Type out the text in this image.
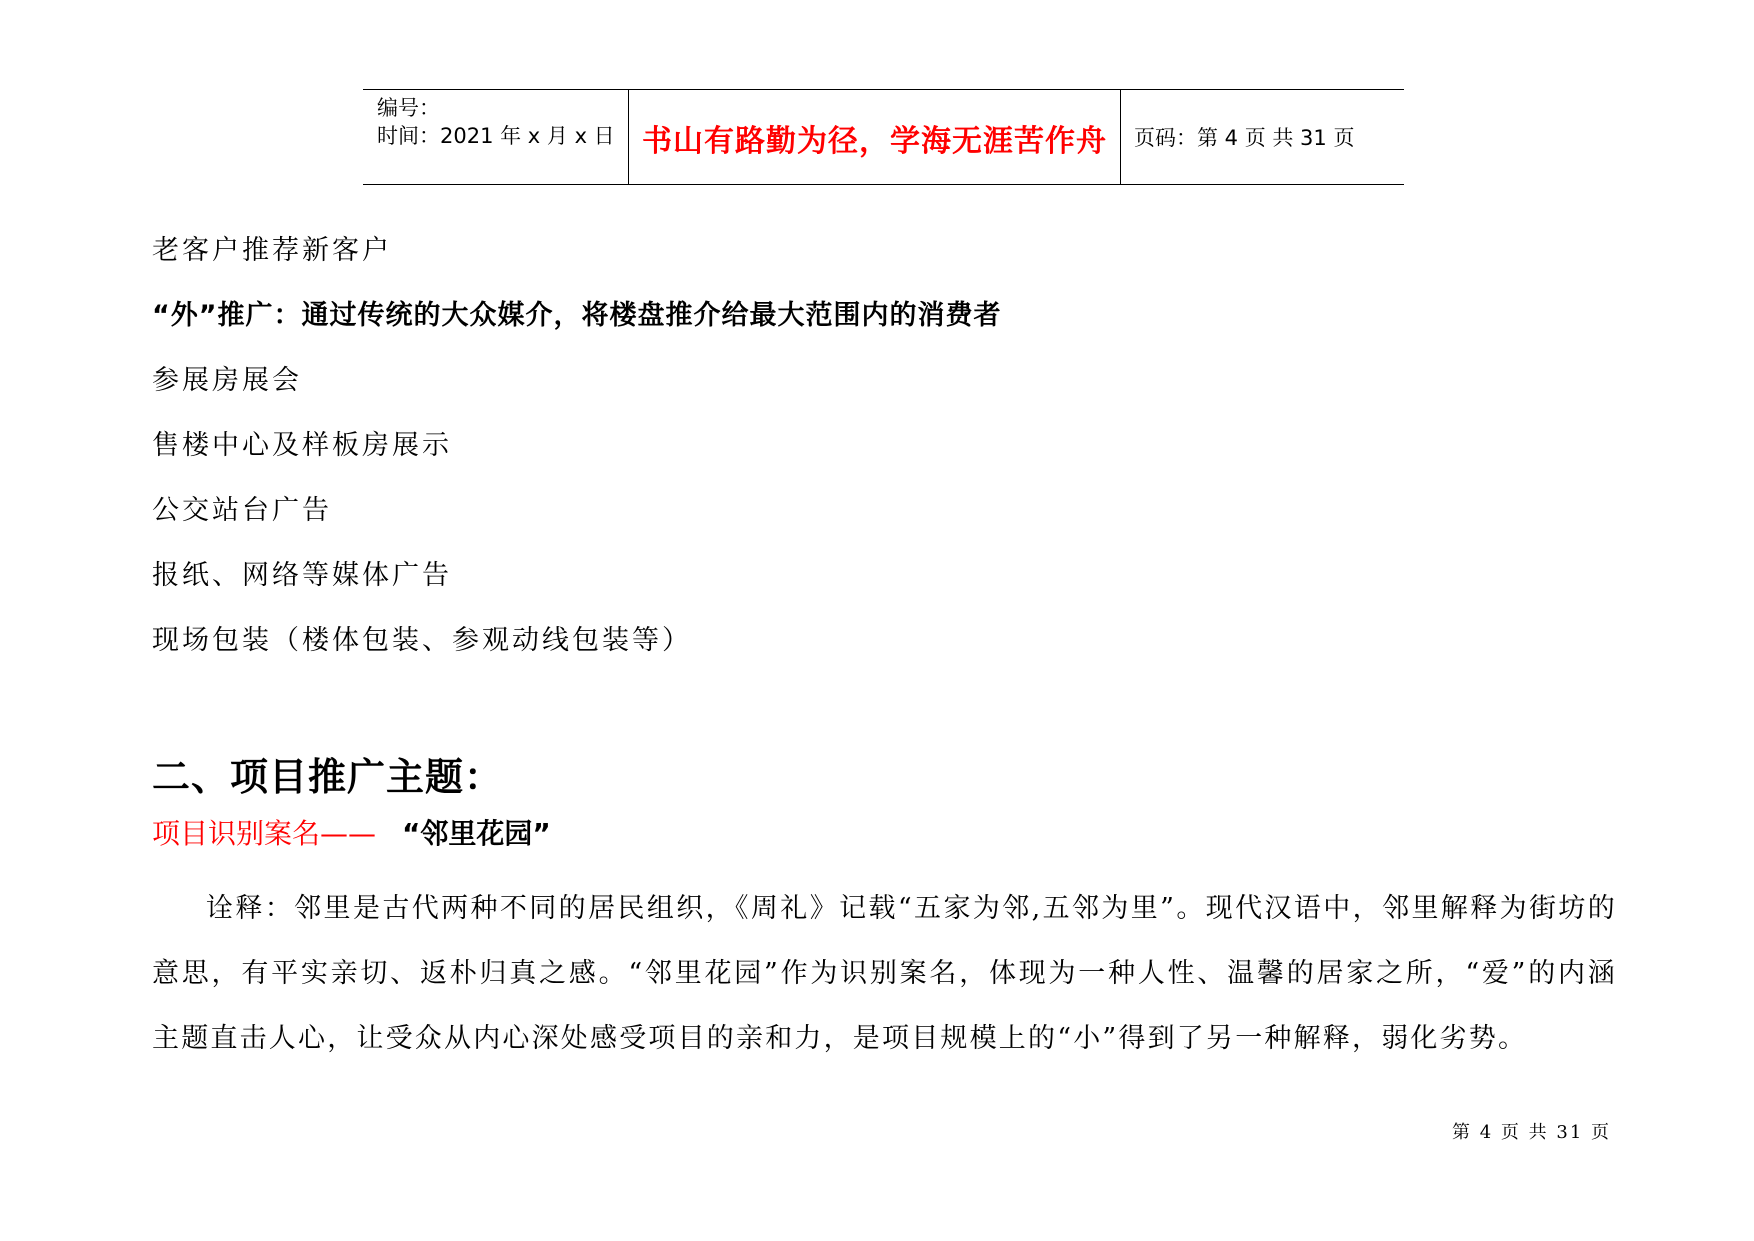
编号：
时间：2021 年 x 月 x 日 书山有路勤为径，学海无涯苦作舟 页码：第 4 页 共 31 页
老客户推荐新客户
“外”推广：通过传统的大众媒介，将楼盘推介给最大范围内的消费者
参展房展会
售楼中心及样板房展示
公交站台广告
报纸、网络等媒体广告
现场包装（楼体包装、参观动线包装等）
二、项目推广主题：
项目识别案名—— “邻里花园”
诠释：邻里是古代两种不同的居民组织，《周礼》记载“五家为邻,五邻为里”。现代汉语中，邻里解释为街坊的意思，有平实亲切、返朴归真之感。“邻里花园”作为识别案名，体现为一种人性、温馨的居家之所，“爱”的内涵主题直击人心，让受众从内心深处感受项目的亲和力，是项目规模上的“小”得到了另一种解释，弱化劣势。
第 4 页 共 31 页
